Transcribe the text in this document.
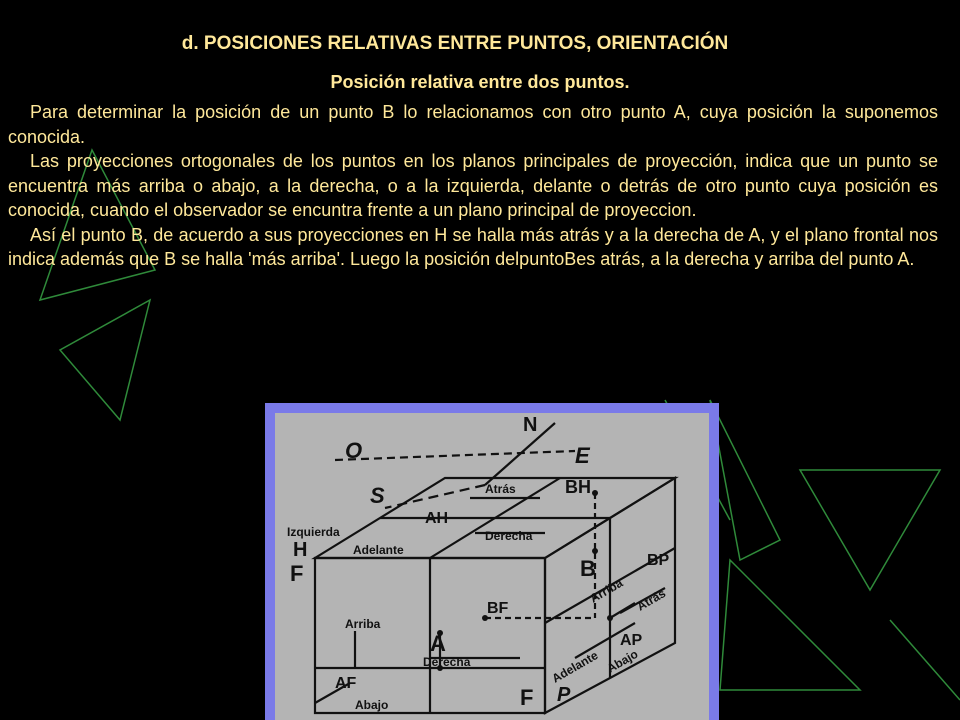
d. POSICIONES RELATIVAS ENTRE PUNTOS, ORIENTACIÓN
Posición relativa entre dos puntos.

Para determinar la posición de un punto B lo relacionamos con otro punto A, cuya posición la suponemos conocida.

Las proyecciones ortogonales de los puntos en los planos principales de proyección, indica que un punto se encuentra más arriba o abajo, a la derecha, o a la izquierda, delante o detrás de otro punto cuya posición es conocida, cuando el observador se encuntra frente a un plano principal de proyeccion.

Así el punto B, de acuerdo a sus proyecciones en H se halla más atrás y a la derecha de A, y el plano frontal nos indica además que B se halla 'más arriba'. Luego la posición delpuntoBes atrás, a la derecha y arriba del punto A.

N
E
O
S
H
F
F P
Atrás	BH
AH
Izquierda	Derecha
Adelante
B	BP
BF
Arriba Atrás
Arriba
A	AP
Adelante Abajo
Derecha
AF
Abajo
